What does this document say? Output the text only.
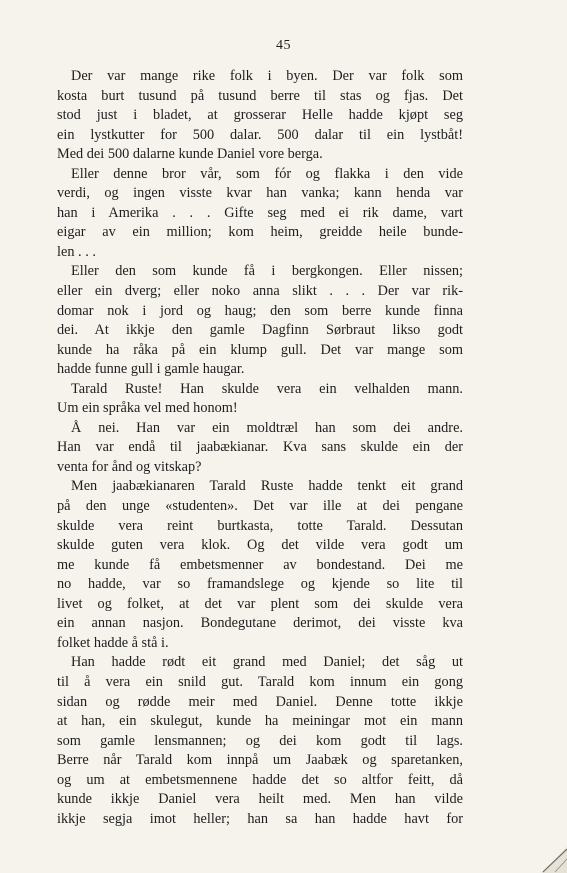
45
Der var mange rike folk i byen. Der var folk som
kosta burt tusund på tusund berre til stas og fjas. Det
stod just i bladet, at grosserar Helle hadde kjøpt seg
ein lystkutter for 500 dalar. 500 dalar til ein lystbåt!
Med dei 500 dalarne kunde Daniel vore berga.
Eller denne bror vår, som fór og flakka i den vide
verdi, og ingen visste kvar han vanka; kann henda var
han i Amerika . . . Gifte seg med ei rik dame, vart
eigar av ein million; kom heim, greidde heile bunde-
len . . .
Eller den som kunde få i bergkongen. Eller nissen;
eller ein dverg; eller noko anna slikt . . . Der var rik-
domar nok i jord og haug; den som berre kunde finna
dei. At ikkje den gamle Dagfinn Sørbraut likso godt
kunde ha råka på ein klump gull. Det var mange som
hadde funne gull i gamle haugar.
Tarald Ruste! Han skulde vera ein velhalden mann.
Um ein språka vel med honom!
Å nei. Han var ein moldtræl han som dei andre.
Han var endå til jaabækianar. Kva sans skulde ein der
venta for ånd og vitskap?
Men jaabækianaren Tarald Ruste hadde tenkt eit grand
på den unge «studenten». Det var ille at dei pengane
skulde vera reint burtkasta, totte Tarald. Dessutan
skulde guten vera klok. Og det vilde vera godt um
me kunde få embetsmenner av bondestand. Dei me
no hadde, var so framandslege og kjende so lite til
livet og folket, at det var plent som dei skulde vera
ein annan nasjon. Bondegutane derimot, dei visste kva
folket hadde å stå i.
Han hadde rødt eit grand med Daniel; det såg ut
til å vera ein snild gut. Tarald kom innum ein gong
sidan og rødde meir med Daniel. Denne totte ikkje
at han, ein skulegut, kunde ha meiningar mot ein mann
som gamle lensmannen; og dei kom godt til lags.
Berre når Tarald kom innpå um Jaabæk og sparetanken,
og um at embetsmennene hadde det so altfor feitt, då
kunde ikkje Daniel vera heilt med. Men han vilde
ikkje segja imot heller; han sa han hadde havt for
